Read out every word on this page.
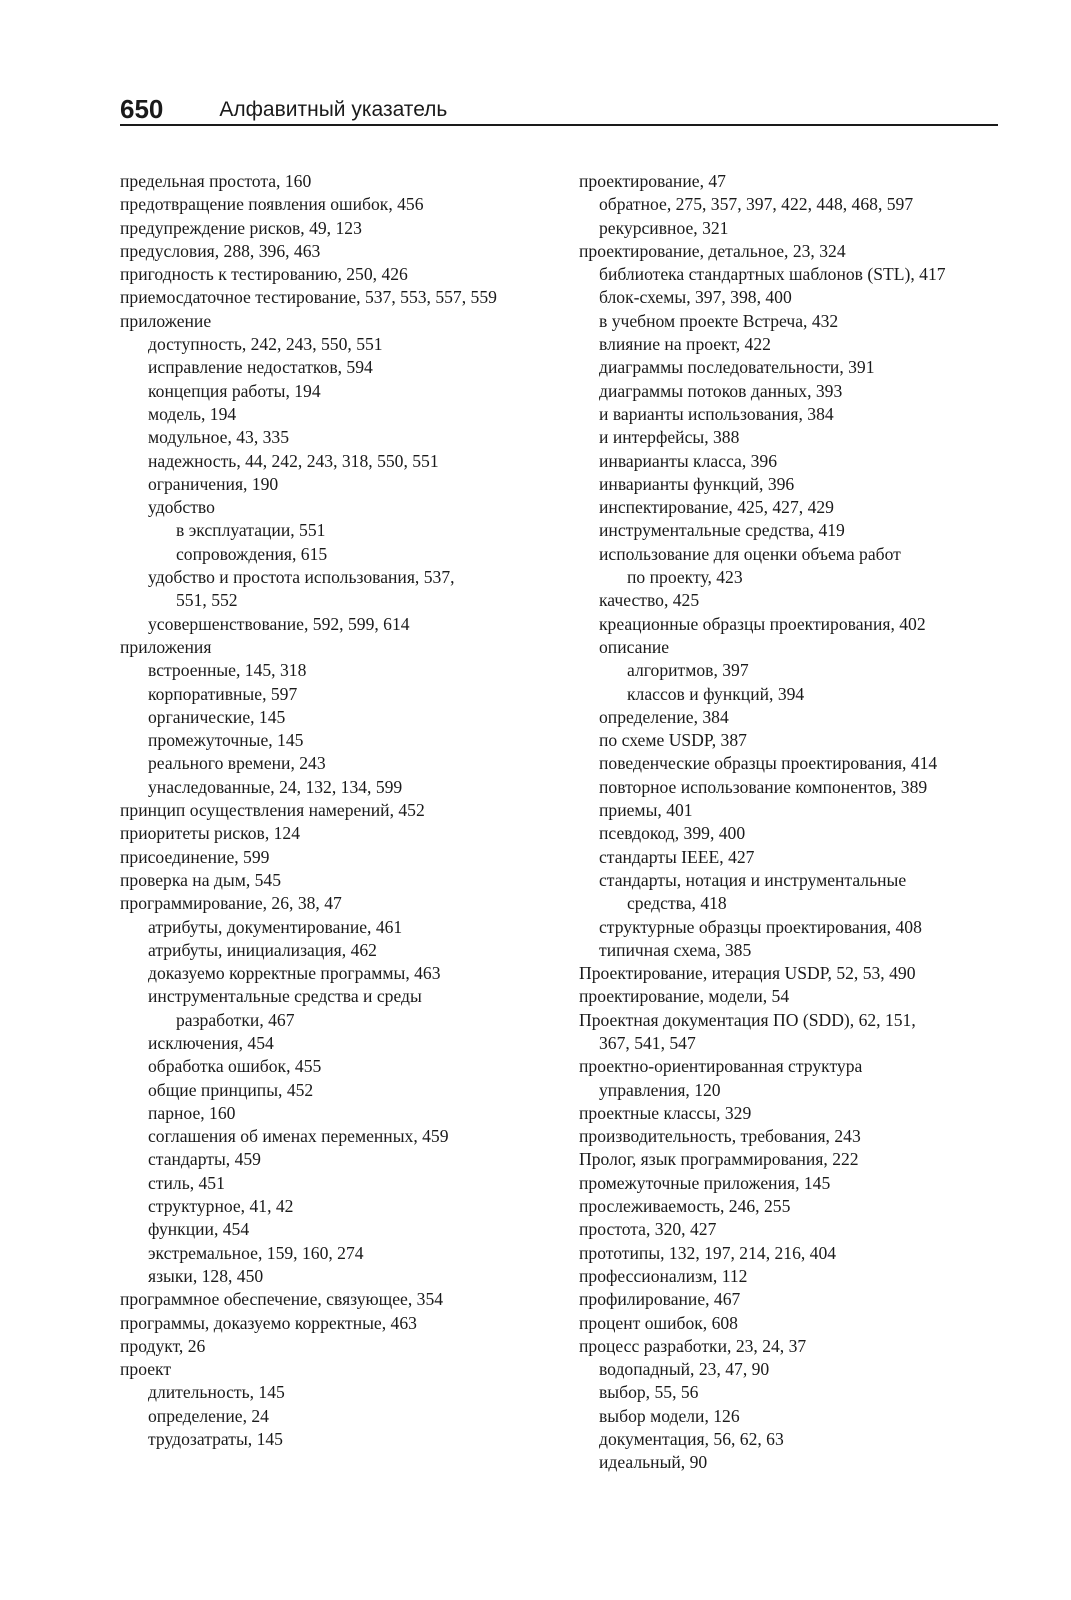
650	Алфавитный указатель
предельная простота, 160
предотвращение появления ошибок, 456
предупреждение рисков, 49, 123
предусловия, 288, 396, 463
пригодность к тестированию, 250, 426
приемосдаточное тестирование, 537, 553, 557, 559
приложение
доступность, 242, 243, 550, 551
исправление недостатков, 594
концепция работы, 194
модель, 194
модульное, 43, 335
надежность, 44, 242, 243, 318, 550, 551
ограничения, 190
удобство
в эксплуатации, 551
сопровождения, 615
удобство и простота использования, 537,
551, 552
усовершенствование, 592, 599, 614
приложения
встроенные, 145, 318
корпоративные, 597
органические, 145
промежуточные, 145
реального времени, 243
унаследованные, 24, 132, 134, 599
принцип осуществления намерений, 452
приоритеты рисков, 124
присоединение, 599
проверка на дым, 545
программирование, 26, 38, 47
атрибуты, документирование, 461
атрибуты, инициализация, 462
доказуемо корректные программы, 463
инструментальные средства и среды
разработки, 467
исключения, 454
обработка ошибок, 455
общие принципы, 452
парное, 160
соглашения об именах переменных, 459
стандарты, 459
стиль, 451
структурное, 41, 42
функции, 454
экстремальное, 159, 160, 274
языки, 128, 450
программное обеспечение, связующее, 354
программы, доказуемо корректные, 463
продукт, 26
проект
длительность, 145
определение, 24
трудозатраты, 145
проектирование, 47
обратное, 275, 357, 397, 422, 448, 468, 597
рекурсивное, 321
проектирование, детальное, 23, 324
библиотека стандартных шаблонов (STL), 417
блок-схемы, 397, 398, 400
в учебном проекте Встреча, 432
влияние на проект, 422
диаграммы последовательности, 391
диаграммы потоков данных, 393
и варианты использования, 384
и интерфейсы, 388
инварианты класса, 396
инварианты функций, 396
инспектирование, 425, 427, 429
инструментальные средства, 419
использование для оценки объема работ
по проекту, 423
качество, 425
креационные образцы проектирования, 402
описание
алгоритмов, 397
классов и функций, 394
определение, 384
по схеме USDP, 387
поведенческие образцы проектирования, 414
повторное использование компонентов, 389
приемы, 401
псевдокод, 399, 400
стандарты IEEE, 427
стандарты, нотация и инструментальные
средства, 418
структурные образцы проектирования, 408
типичная схема, 385
Проектирование, итерация USDP, 52, 53, 490
проектирование, модели, 54
Проектная документация ПО (SDD), 62, 151,
367, 541, 547
проектно-ориентированная структура
управления, 120
проектные классы, 329
производительность, требования, 243
Пролог, язык программирования, 222
промежуточные приложения, 145
прослеживаемость, 246, 255
простота, 320, 427
прототипы, 132, 197, 214, 216, 404
профессионализм, 112
профилирование, 467
процент ошибок, 608
процесс разработки, 23, 24, 37
водопадный, 23, 47, 90
выбор, 55, 56
выбор модели, 126
документация, 56, 62, 63
идеальный, 90
